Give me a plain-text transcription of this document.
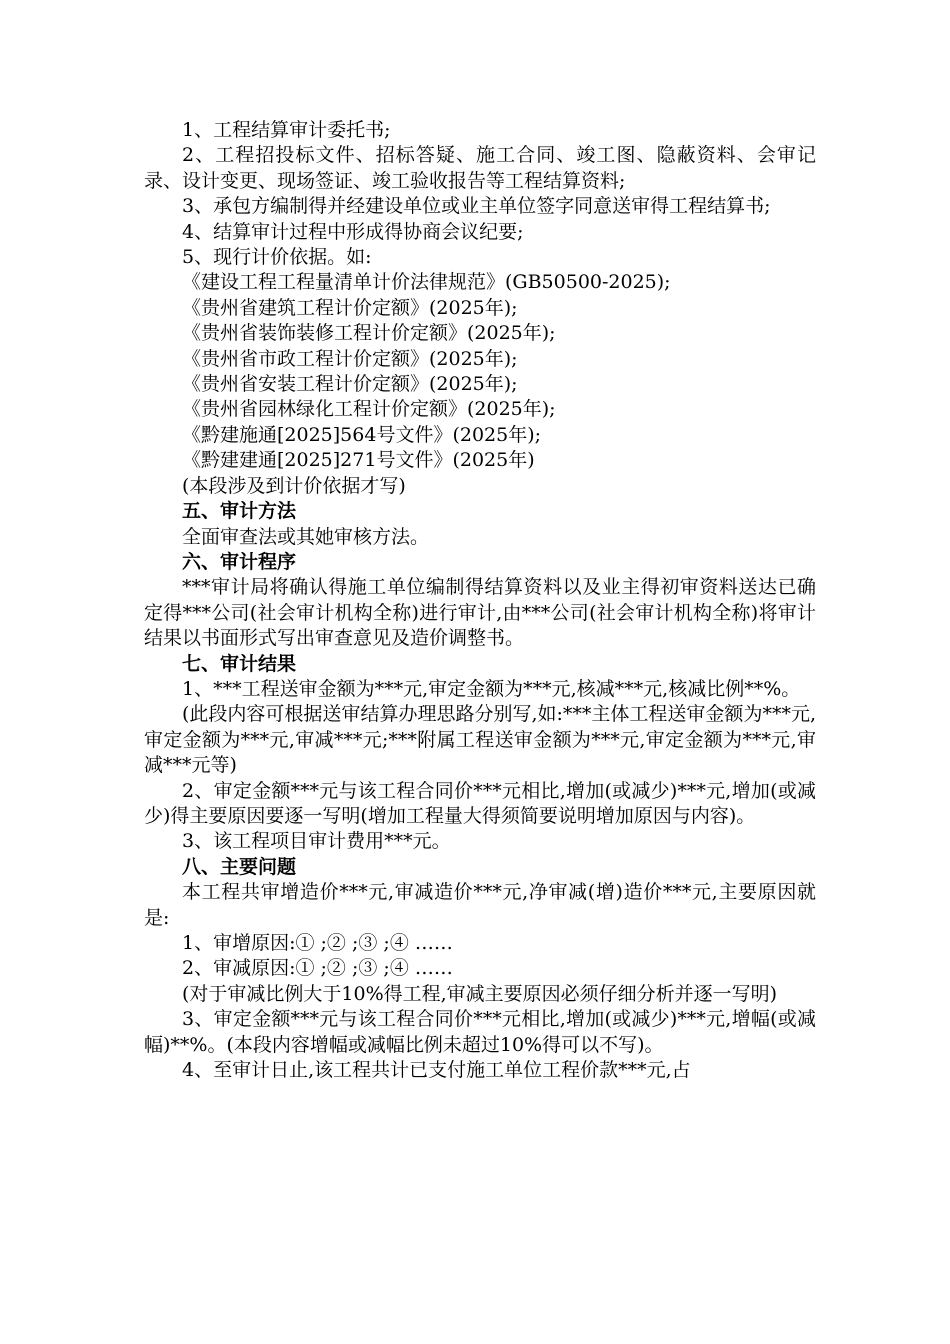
1、工程结算审计委托书;

2、工程招投标文件、招标答疑、施工合同、竣工图、隐蔽资料、会审记录、设计变更、现场签证、竣工验收报告等工程结算资料;

3、承包方编制得并经建设单位或业主单位签字同意送审得工程结算书;

4、结算审计过程中形成得协商会议纪要;

5、现行计价依据。如:

《建设工程工程量清单计价法律规范》(GB50500-2025);

《贵州省建筑工程计价定额》(2025年);

《贵州省装饰装修工程计价定额》(2025年);

《贵州省市政工程计价定额》(2025年);

《贵州省安装工程计价定额》(2025年);

《贵州省园林绿化工程计价定额》(2025年);

《黔建施通[2025]564号文件》(2025年);

《黔建建通[2025]271号文件》(2025年)

(本段涉及到计价依据才写)

五、审计方法

全面审查法或其她审核方法。

六、审计程序

***审计局将确认得施工单位编制得结算资料以及业主得初审资料送达已确定得***公司(社会审计机构全称)进行审计,由***公司(社会审计机构全称)将审计结果以书面形式写出审查意见及造价调整书。

七、审计结果

1、***工程送审金额为***元,审定金额为***元,核减***元,核减比例**%。

(此段内容可根据送审结算办理思路分别写,如:***主体工程送审金额为***元,审定金额为***元,审减***元;***附属工程送审金额为***元,审定金额为***元,审减***元等)

2、审定金额***元与该工程合同价***元相比,增加(或减少)***元,增加(或减少)得主要原因要逐一写明(增加工程量大得须简要说明增加原因与内容)。

3、该工程项目审计费用***元。

八、主要问题

本工程共审增造价***元,审减造价***元,净审减(增)造价***元,主要原因就是:

1、审增原因:① ;② ;③ ;④ ……

2、审减原因:① ;② ;③ ;④ ……

(对于审减比例大于10%得工程,审减主要原因必须仔细分析并逐一写明)

3、审定金额***元与该工程合同价***元相比,增加(或减少)***元,增幅(或减幅)**%。(本段内容增幅或减幅比例未超过10%得可以不写)。

4、至审计日止,该工程共计已支付施工单位工程价款***元,占
